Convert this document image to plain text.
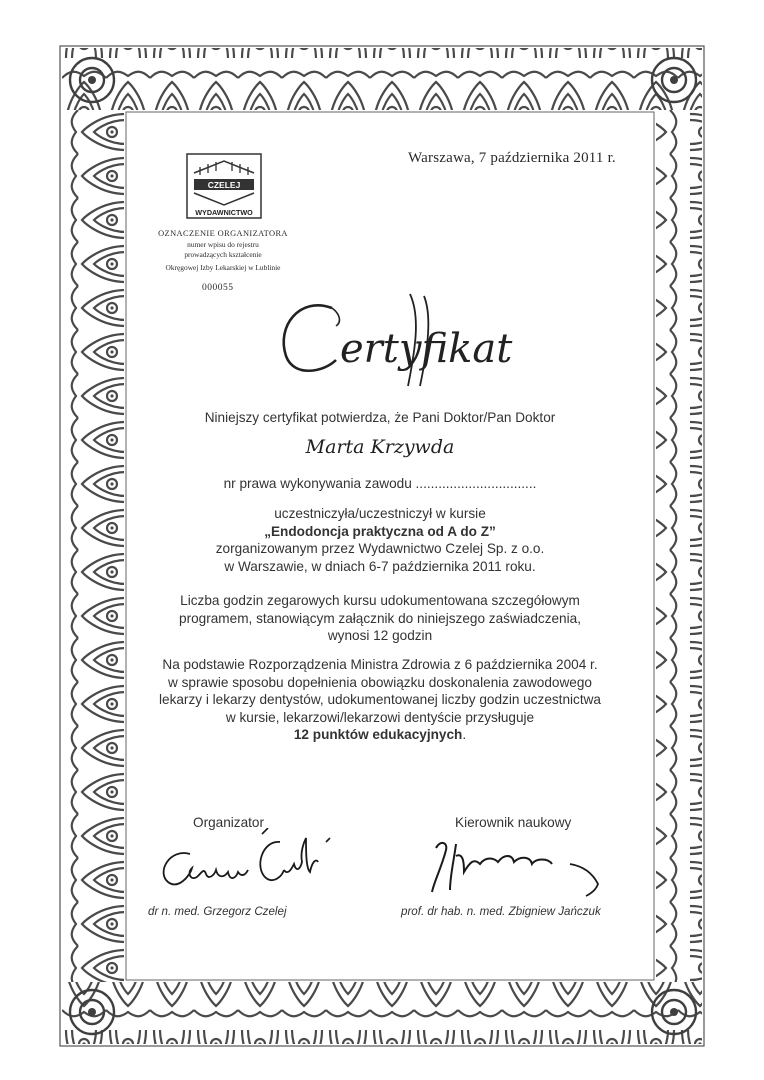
Warszawa, 7 października 2011 r.
CZELEJ
WYDAWNICTWO
OZNACZENIE ORGANIZATORA
numer wpisu do rejestru
prowadzących kształcenie
Okręgowej Izby Lekarskiej w Lublinie
000055
ertyfikat
Niniejszy certyfikat potwierdza, że Pani Doktor/Pan Doktor
Marta Krzywda
nr prawa wykonywania zawodu ................................
uczestniczyła/uczestniczył w kursie
„Endodoncja praktyczna od A do Z”
zorganizowanym przez Wydawnictwo Czelej Sp. z o.o.
w Warszawie, w dniach 6-7 października 2011 roku.
Liczba godzin zegarowych kursu udokumentowana szczegółowym
programem, stanowiącym załącznik do niniejszego zaświadczenia,
wynosi 12 godzin
Na podstawie Rozporządzenia Ministra Zdrowia z 6 października 2004 r.
w sprawie sposobu dopełnienia obowiązku doskonalenia zawodowego
lekarzy i lekarzy dentystów, udokumentowanej liczby godzin uczestnictwa
w kursie, lekarzowi/lekarzowi dentyście przysługuje
12 punktów edukacyjnych.
Organizator	Kierownik naukowy
dr n. med. Grzegorz Czelej	prof. dr hab. n. med. Zbigniew Jańczuk
